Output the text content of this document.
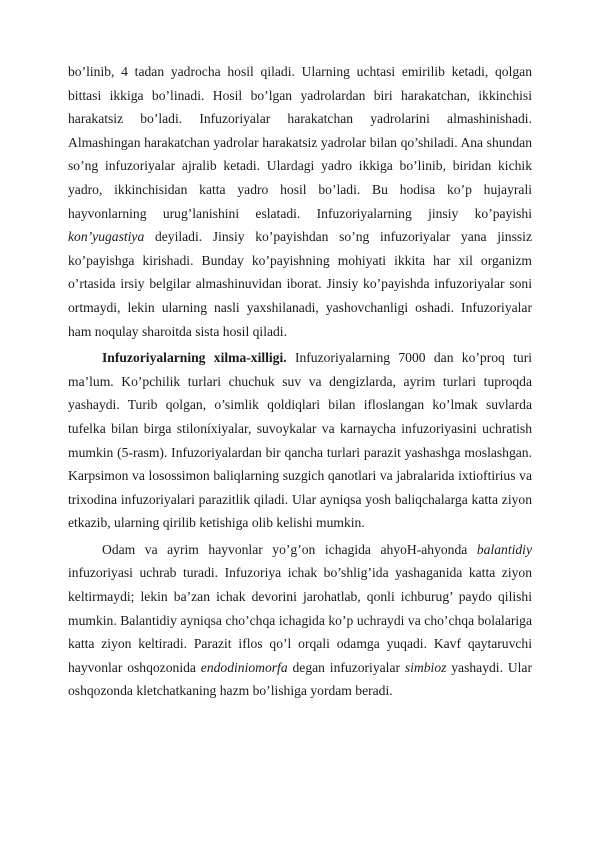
bo’linib, 4 tadan yadrocha hosil qiladi. Ularning uchtasi emirilib ketadi, qolgan bittasi ikkiga bo’linadi. Hosil bo’lgan yadrolardan biri harakatchan, ikkinchisi harakatsiz bo’ladi. Infuzoriyalar harakatchan yadrolarini almashinishadi. Almashingan harakatchan yadrolar harakatsiz yadrolar bilan qo’shiladi. Ana shundan so’ng infuzoriyalar ajralib ketadi. Ulardagi yadro ikkiga bo’linib, biridan kichik yadro, ikkinchisidan katta yadro hosil bo’ladi. Bu hodisa ko’p hujayrali hayvonlarning urug’lanishini eslatadi. Infuzoriyalarning jinsiy ko’payishi kon’yugastiya deyiladi. Jinsiy ko’payishdan so’ng infuzoriyalar yana jinssiz ko’payishga kirishadi. Bunday ko’payishning mohiyati ikkita har xil organizm o’rtasida irsiy belgilar almashinuvidan iborat. Jinsiy ko’payishda infuzoriyalar soni ortmaydi, lekin ularning nasli yaxshilanadi, yashovchanligi oshadi. Infuzoriyalar ham noqulay sharoitda sista hosil qiladi.

Infuzoriyalarning xilma-xilligi. Infuzoriyalarning 7000 dan ko’proq turi ma’lum. Ko’pchilik turlari chuchuk suv va dengizlarda, ayrim turlari tuproqda yashaydi. Turib qolgan, o’simlik qoldiqlari bilan ifloslangan ko’lmak suvlarda tufelka bilan birga stiloníxiyalar, suvoykalar va karnaycha infuzoriyasini uchratish mumkin (5-rasm). Infuzoriyalardan bir qancha turlari parazit yashashga moslashgan. Karpsimon va losossimon baliqlarning suzgich qanotlari va jabralarida ixtioftirius va trixodina infuzoriyalari parazitlik qiladi. Ular ayniqsa yosh baliqchalarga katta ziyon etkazib, ularning qirilib ketishiga olib kelishi mumkin.

Odam va ayrim hayvonlar yo’g’on ichagida ahyoH-ahyonda balantidiy infuzoriyasi uchrab turadi. Infuzoriya ichak bo’shlig’ida yashaganida katta ziyon keltirmaydi; lekin ba’zan ichak devorini jarohatlab, qonli ichburug’ paydo qilishi mumkin. Balantidiy ayniqsa cho’chqa ichagida ko’p uchraydi va cho’chqa bolalariga katta ziyon keltiradi. Parazit iflos qo’l orqali odamga yuqadi. Kavf qaytaruvchi hayvonlar oshqozonida endodiniomorfa degan infuzoriyalar simbioz yashaydi. Ular oshqozonda kletchatkaning hazm bo’lishiga yordam beradi.
